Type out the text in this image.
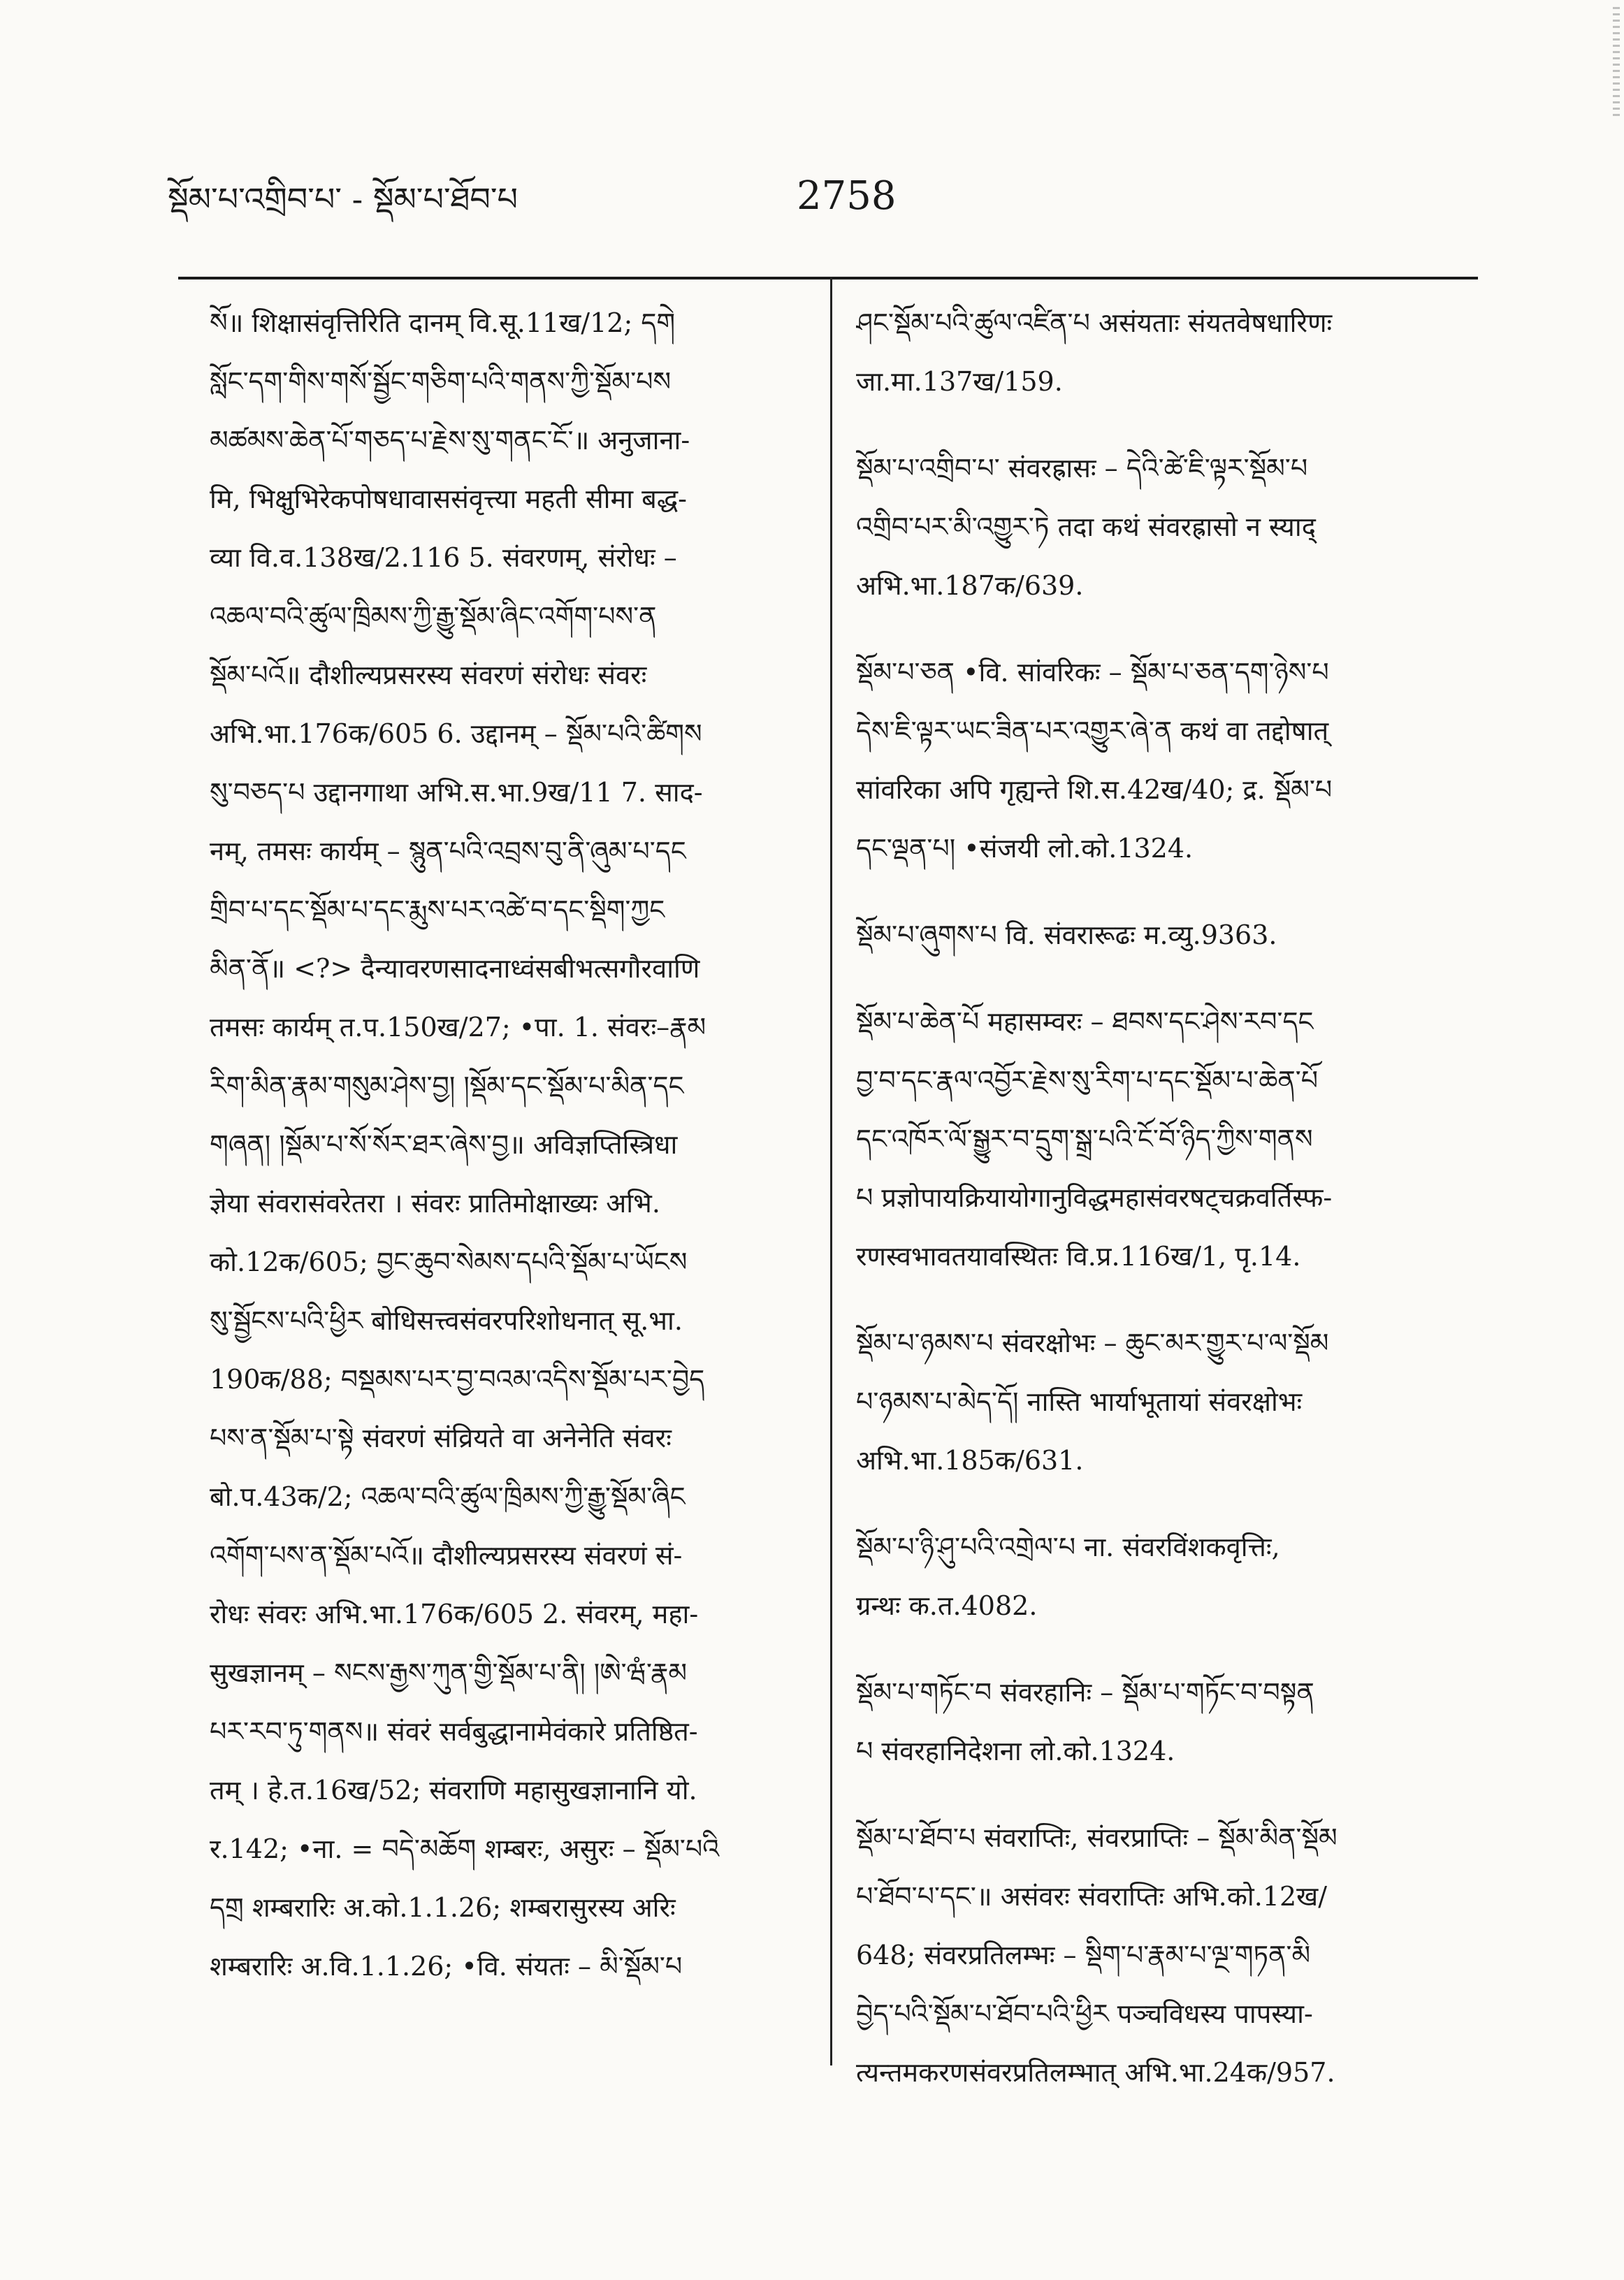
སྡོམ་པ་འགྲིབ་པ་ - སྡོམ་པ་ཐོབ་པ	2758
སོ॥ शिक्षासंवृत्तिरिति दानम् वि.सू.11ख/12; དགེ
སློང་དག་གིས་གསོ་སྦྱོང་གཅིག་པའི་གནས་ཀྱི་སྡོམ་པས
མཚམས་ཆེན་པོ་གཅད་པ་རྗེས་སུ་གནང་ངོ་॥ अनुजाना-
मि, भिक्षुभिरेकपोषधावाससंवृत्त्या महती सीमा बद्ध-
व्या वि.व.138ख/2.116 5. संवरणम्, संरोधः –
འཆལ་བའི་ཚུལ་ཁྲིམས་ཀྱི་རྒྱུ་སྡོམ་ཞིང་འགོག་པས་ན
སྡོམ་པའོ॥ दौशील्यप्रसरस्य संवरणं संरोधः संवरः
अभि.भा.176क/605 6. उद्दानम् – སྡོམ་པའི་ཚིགས
སུ་བཅད་པ उद्दानगाथा अभि.स.भा.9ख/11 7. साद-
नम्, तमसः कार्यम् – སྙུན་པའི་འབྲས་བུ་ནི་ཞུམ་པ་དང
གྲིབ་པ་དང་སྡོམ་པ་དང་རྨུས་པར་འཚེ་བ་དང་སྡིག་ཀྱང
མིན་ནོ॥ <?> दैन्यावरणसादनाध्वंसबीभत्सगौरवाणि
तमसः कार्यम् त.प.150ख/27; •पा. 1. संवरः–རྣམ
རིག་མིན་རྣམ་གསུམ་ཤེས་བྱ། །སྡོམ་དང་སྡོམ་པ་མིན་དང
གཞན། །སྡོམ་པ་སོ་སོར་ཐར་ཞེས་བྱ॥ अविज्ञप्तिस्त्रिधा
ज्ञेया संवरासंवरेतरा । संवरः प्रातिमोक्षाख्यः अभि.
को.12क/605; བྱང་ཆུབ་སེམས་དཔའི་སྡོམ་པ་ཡོངས
སུ་སྦྱོངས་པའི་ཕྱིར बोधिसत्त्वसंवरपरिशोधनात् सू.भा.
190क/88; བསྡམས་པར་བྱ་བའམ་འདིས་སྡོམ་པར་བྱེད
པས་ན་སྡོམ་པ་སྟེ संवरणं संव्रियते वा अनेनेति संवरः
बो.प.43क/2; འཆལ་བའི་ཚུལ་ཁྲིམས་ཀྱི་རྒྱུ་སྡོམ་ཞིང
འགོག་པས་ན་སྡོམ་པའོ॥ दौशील्यप्रसरस्य संवरणं सं-
रोधः संवरः अभि.भा.176क/605 2. संवरम्, महा-
सुखज्ञानम् – སངས་རྒྱས་ཀུན་གྱི་སྡོམ་པ་ནི། །ཨེ་ཝཾ་རྣམ
པར་རབ་ཏུ་གནས॥ संवरं सर्वबुद्धानामेवंकारे प्रतिष्ठित-
तम् । हे.त.16ख/52; संवराणि महासुखज्ञानानि यो.
र.142; •ना. = བདེ་མཆོག शम्बरः, असुरः – སྡོམ་པའི
དགྲ शम्बरारिः अ.को.1.1.26; शम्बरासुरस्य अरिः
शम्बरारिः अ.वि.1.1.26; •वि. संयतः – མི་སྡོམ་པ
ཤང་སྡོམ་པའི་ཚུལ་འཛིན་པ असंयताः संयतवेषधारिणः
जा.मा.137ख/159.
སྡོམ་པ་འགྲིབ་པ་ संवरह्रासः – དེའི་ཚེ་ཇི་ལྟར་སྡོམ་པ
འགྲིབ་པར་མི་འགྱུར་ཏེ तदा कथं संवरह्रासो न स्याद्
अभि.भा.187क/639.
སྡོམ་པ་ཅན •वि. सांवरिकः – སྡོམ་པ་ཅན་དག་ཉེས་པ
དེས་ཇི་ལྟར་ཡང་ཟིན་པར་འགྱུར་ཞེ་ན कथं वा तद्दोषात्
सांवरिका अपि गृह्यन्ते शि.स.42ख/40; द्र. སྡོམ་པ
དང་ལྡན་པ། •संजयी लो.को.1324.
སྡོམ་པ་ཞུགས་པ वि. संवरारूढः म.व्यु.9363.
སྡོམ་པ་ཆེན་པོ महासम्वरः – ཐབས་དང་ཤེས་རབ་དང
བྱ་བ་དང་རྣལ་འབྱོར་རྗེས་སུ་རིག་པ་དང་སྡོམ་པ་ཆེན་པོ
དང་འཁོར་ལོ་སྒྱུར་བ་དྲུག་སྒྲ་པའི་ངོ་བོ་ཉིད་ཀྱིས་གནས
པ प्रज्ञोपायक्रियायोगानुविद्धमहासंवरषट्चक्रवर्तिस्फ-
रणस्वभावतयावस्थितः वि.प्र.116ख/1, पृ.14.
སྡོམ་པ་ཉམས་པ संवरक्षोभः – ཆུང་མར་གྱུར་པ་ལ་སྡོམ
པ་ཉམས་པ་མེད་དོ། नास्ति भार्याभूतायां संवरक्षोभः
अभि.भा.185क/631.
སྡོམ་པ་ཉི་ཤུ་པའི་འགྲེལ་པ ना. संवरविंशकवृत्तिः,
ग्रन्थः क.त.4082.
སྡོམ་པ་གཏོང་བ संवरहानिः – སྡོམ་པ་གཏོང་བ་བསྟན
པ संवरहानिदेशना लो.को.1324.
སྡོམ་པ་ཐོབ་པ संवराप्तिः, संवरप्राप्तिः – སྡོམ་མིན་སྡོམ
པ་ཐོབ་པ་དང་॥ असंवरः संवराप्तिः अभि.को.12ख/
648; संवरप्रतिलम्भः – སྡིག་པ་རྣམ་པ་ལྔ་གཏན་མི
བྱེད་པའི་སྡོམ་པ་ཐོབ་པའི་ཕྱིར पञ्चविधस्य पापस्या-
त्यन्तमकरणसंवरप्रतिलम्भात् अभि.भा.24क/957.
